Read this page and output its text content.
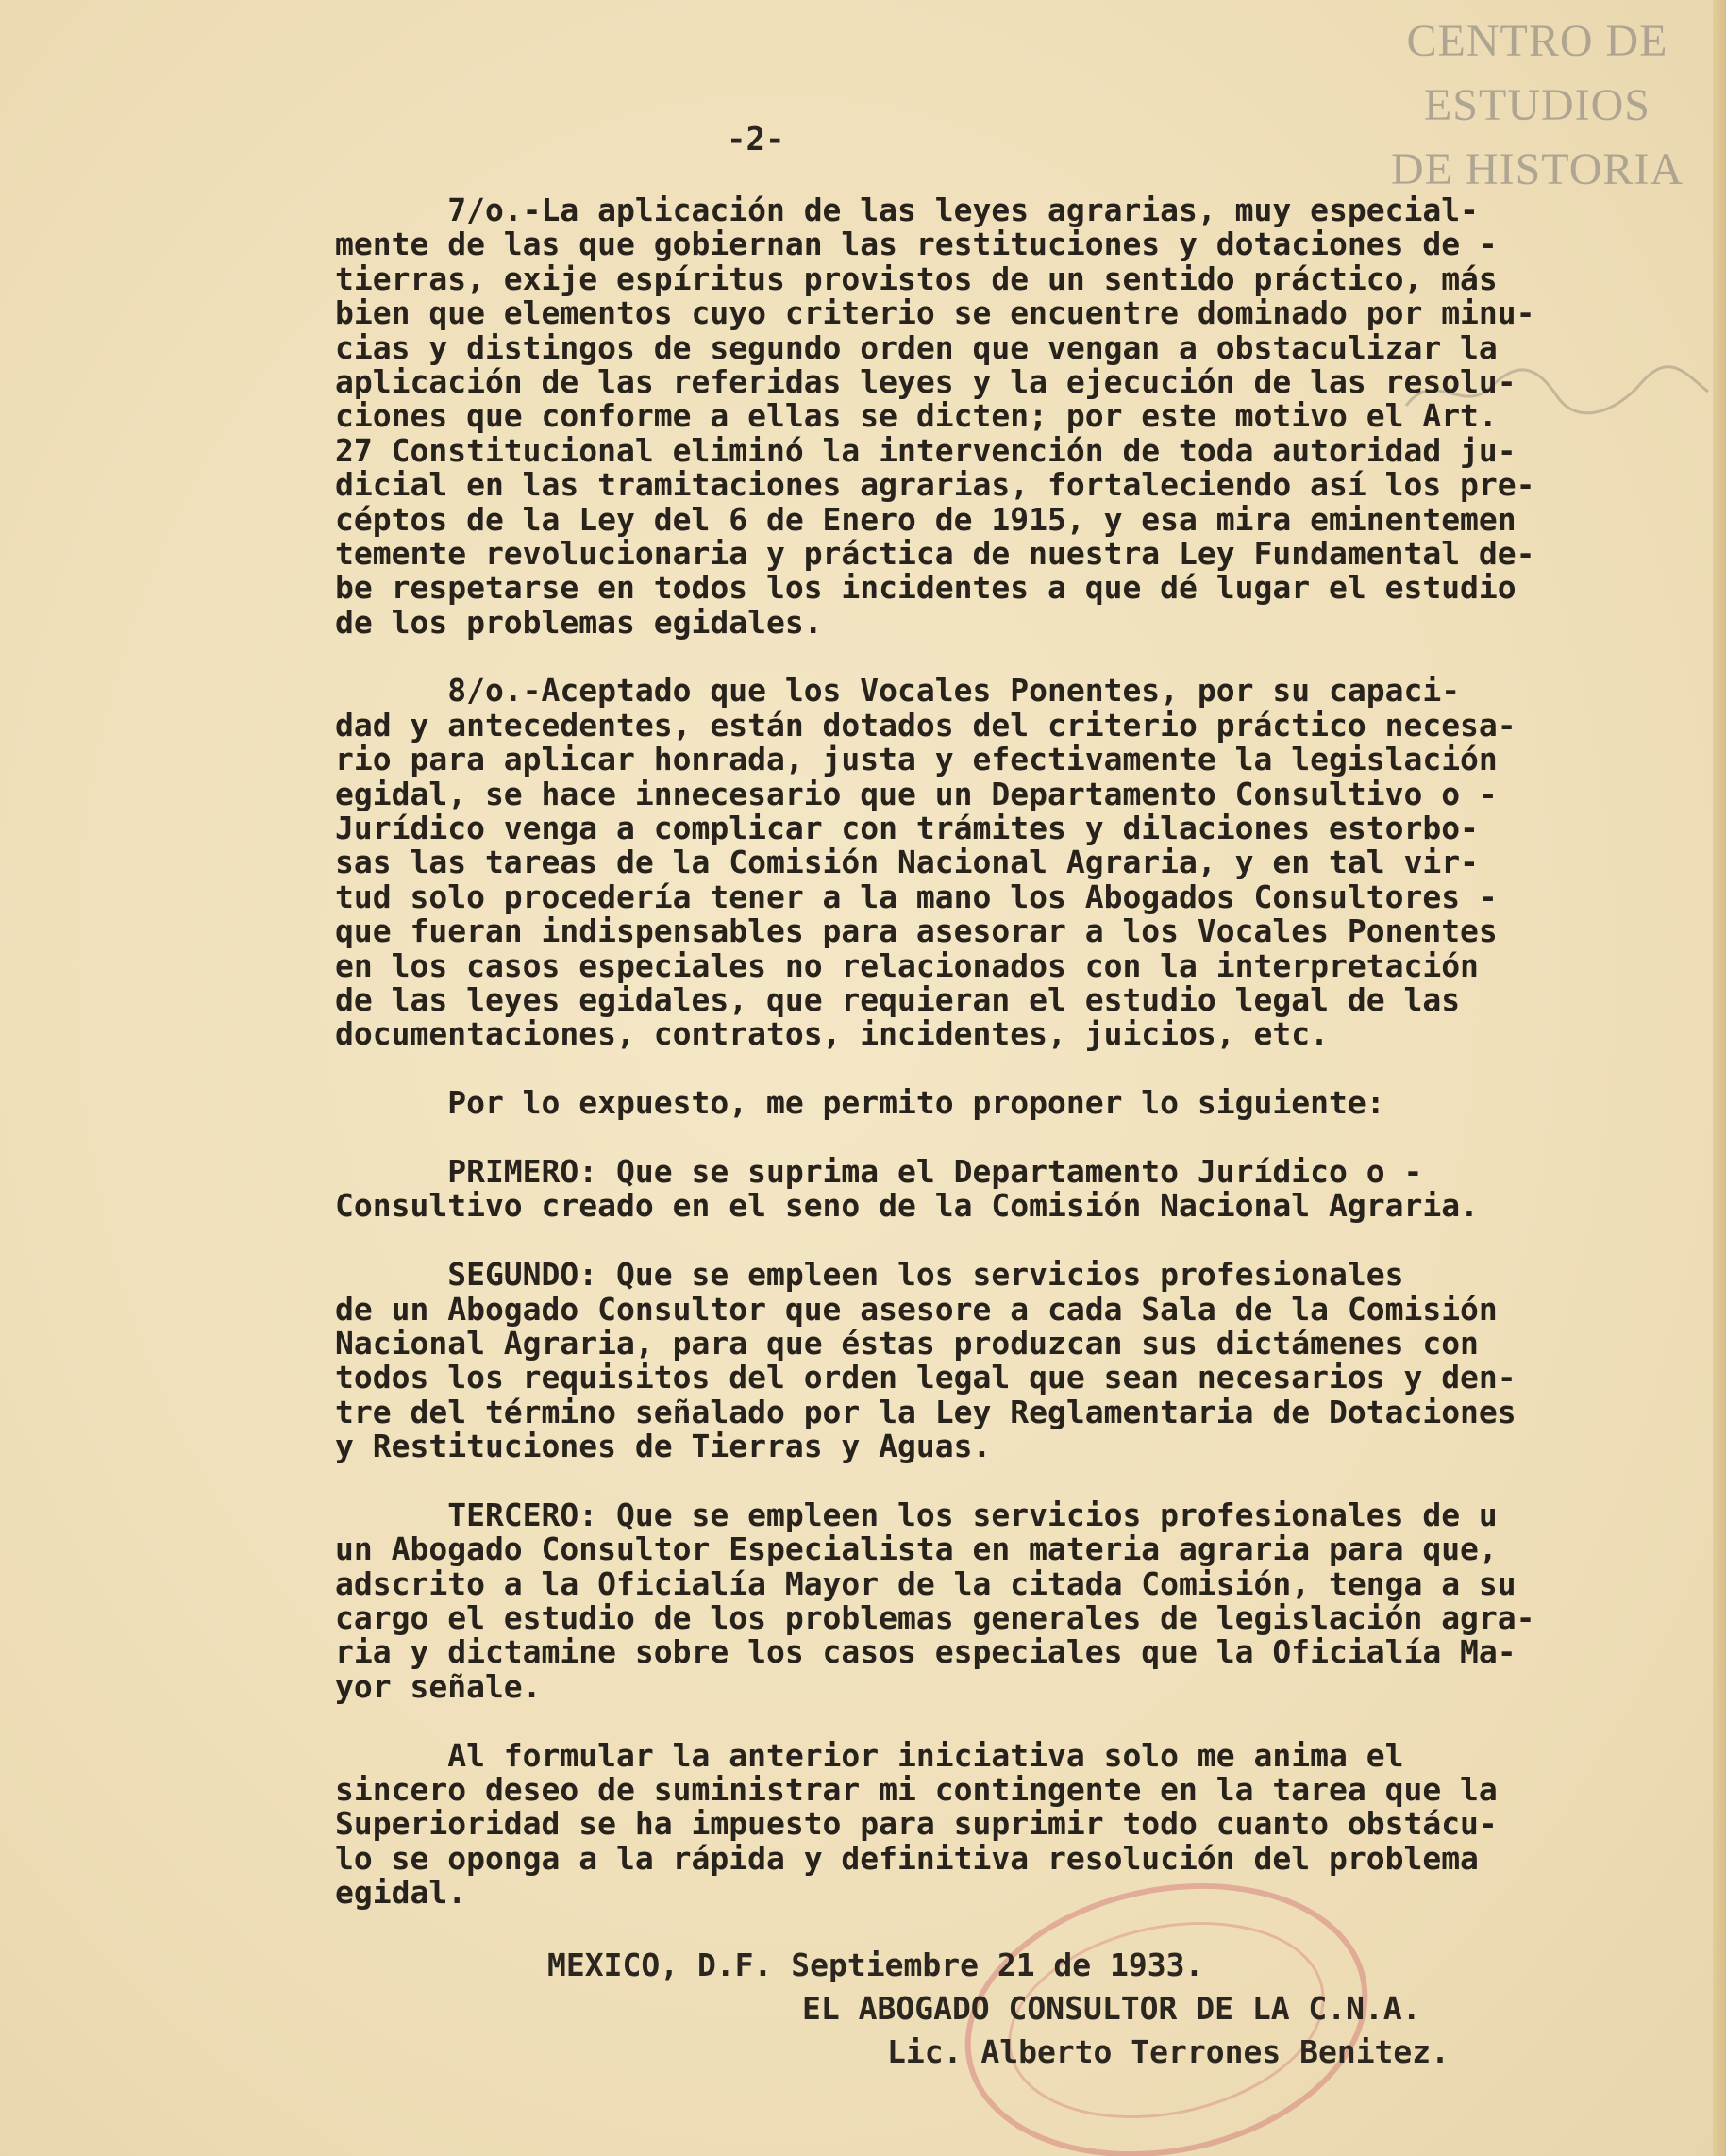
CENTRO DE
ESTUDIOS
DE HISTORIA
-2-
7/o.-La aplicación de las leyes agrarias, muy especial-
mente de las que gobiernan las restituciones y dotaciones de -
tierras, exije espíritus provistos de un sentido práctico, más
bien que elementos cuyo criterio se encuentre dominado por minu-
cias y distingos de segundo orden que vengan a obstaculizar la
aplicación de las referidas leyes y la ejecución de las resolu-
ciones que conforme a ellas se dicten; por este motivo el Art.
27 Constitucional eliminó la intervención de toda autoridad ju-
dicial en las tramitaciones agrarias, fortaleciendo así los pre-
céptos de la Ley del 6 de Enero de 1915, y esa mira eminentemen
temente revolucionaria y práctica de nuestra Ley Fundamental de-
be respetarse en todos los incidentes a que dé lugar el estudio
de los problemas egidales.
8/o.-Aceptado que los Vocales Ponentes, por su capaci-
dad y antecedentes, están dotados del criterio práctico necesa-
rio para aplicar honrada, justa y efectivamente la legislación
egidal, se hace innecesario que un Departamento Consultivo o -
Jurídico venga a complicar con trámites y dilaciones estorbo-
sas las tareas de la Comisión Nacional Agraria, y en tal vir-
tud solo procedería tener a la mano los Abogados Consultores -
que fueran indispensables para asesorar a los Vocales Ponentes
en los casos especiales no relacionados con la interpretación
de las leyes egidales, que requieran el estudio legal de las
documentaciones, contratos, incidentes, juicios, etc.
Por lo expuesto, me permito proponer lo siguiente:
PRIMERO: Que se suprima el Departamento Jurídico o -
Consultivo creado en el seno de la Comisión Nacional Agraria.
SEGUNDO: Que se empleen los servicios profesionales
de un Abogado Consultor que asesore a cada Sala de la Comisión
Nacional Agraria, para que éstas produzcan sus dictámenes con
todos los requisitos del orden legal que sean necesarios y den-
tre del término señalado por la Ley Reglamentaria de Dotaciones
y Restituciones de Tierras y Aguas.
TERCERO: Que se empleen los servicios profesionales de u
un Abogado Consultor Especialista en materia agraria para que,
adscrito a la Oficialía Mayor de la citada Comisión, tenga a su
cargo el estudio de los problemas generales de legislación agra-
ria y dictamine sobre los casos especiales que la Oficialía Ma-
yor señale.
Al formular la anterior iniciativa solo me anima el
sincero deseo de suministrar mi contingente en la tarea que la
Superioridad se ha impuesto para suprimir todo cuanto obstácu-
lo se oponga a la rápida y definitiva resolución del problema
egidal.
MEXICO, D.F. Septiembre 21 de 1933.
EL ABOGADO CONSULTOR DE LA C.N.A.
Lic. Alberto Terrones Benitez.
